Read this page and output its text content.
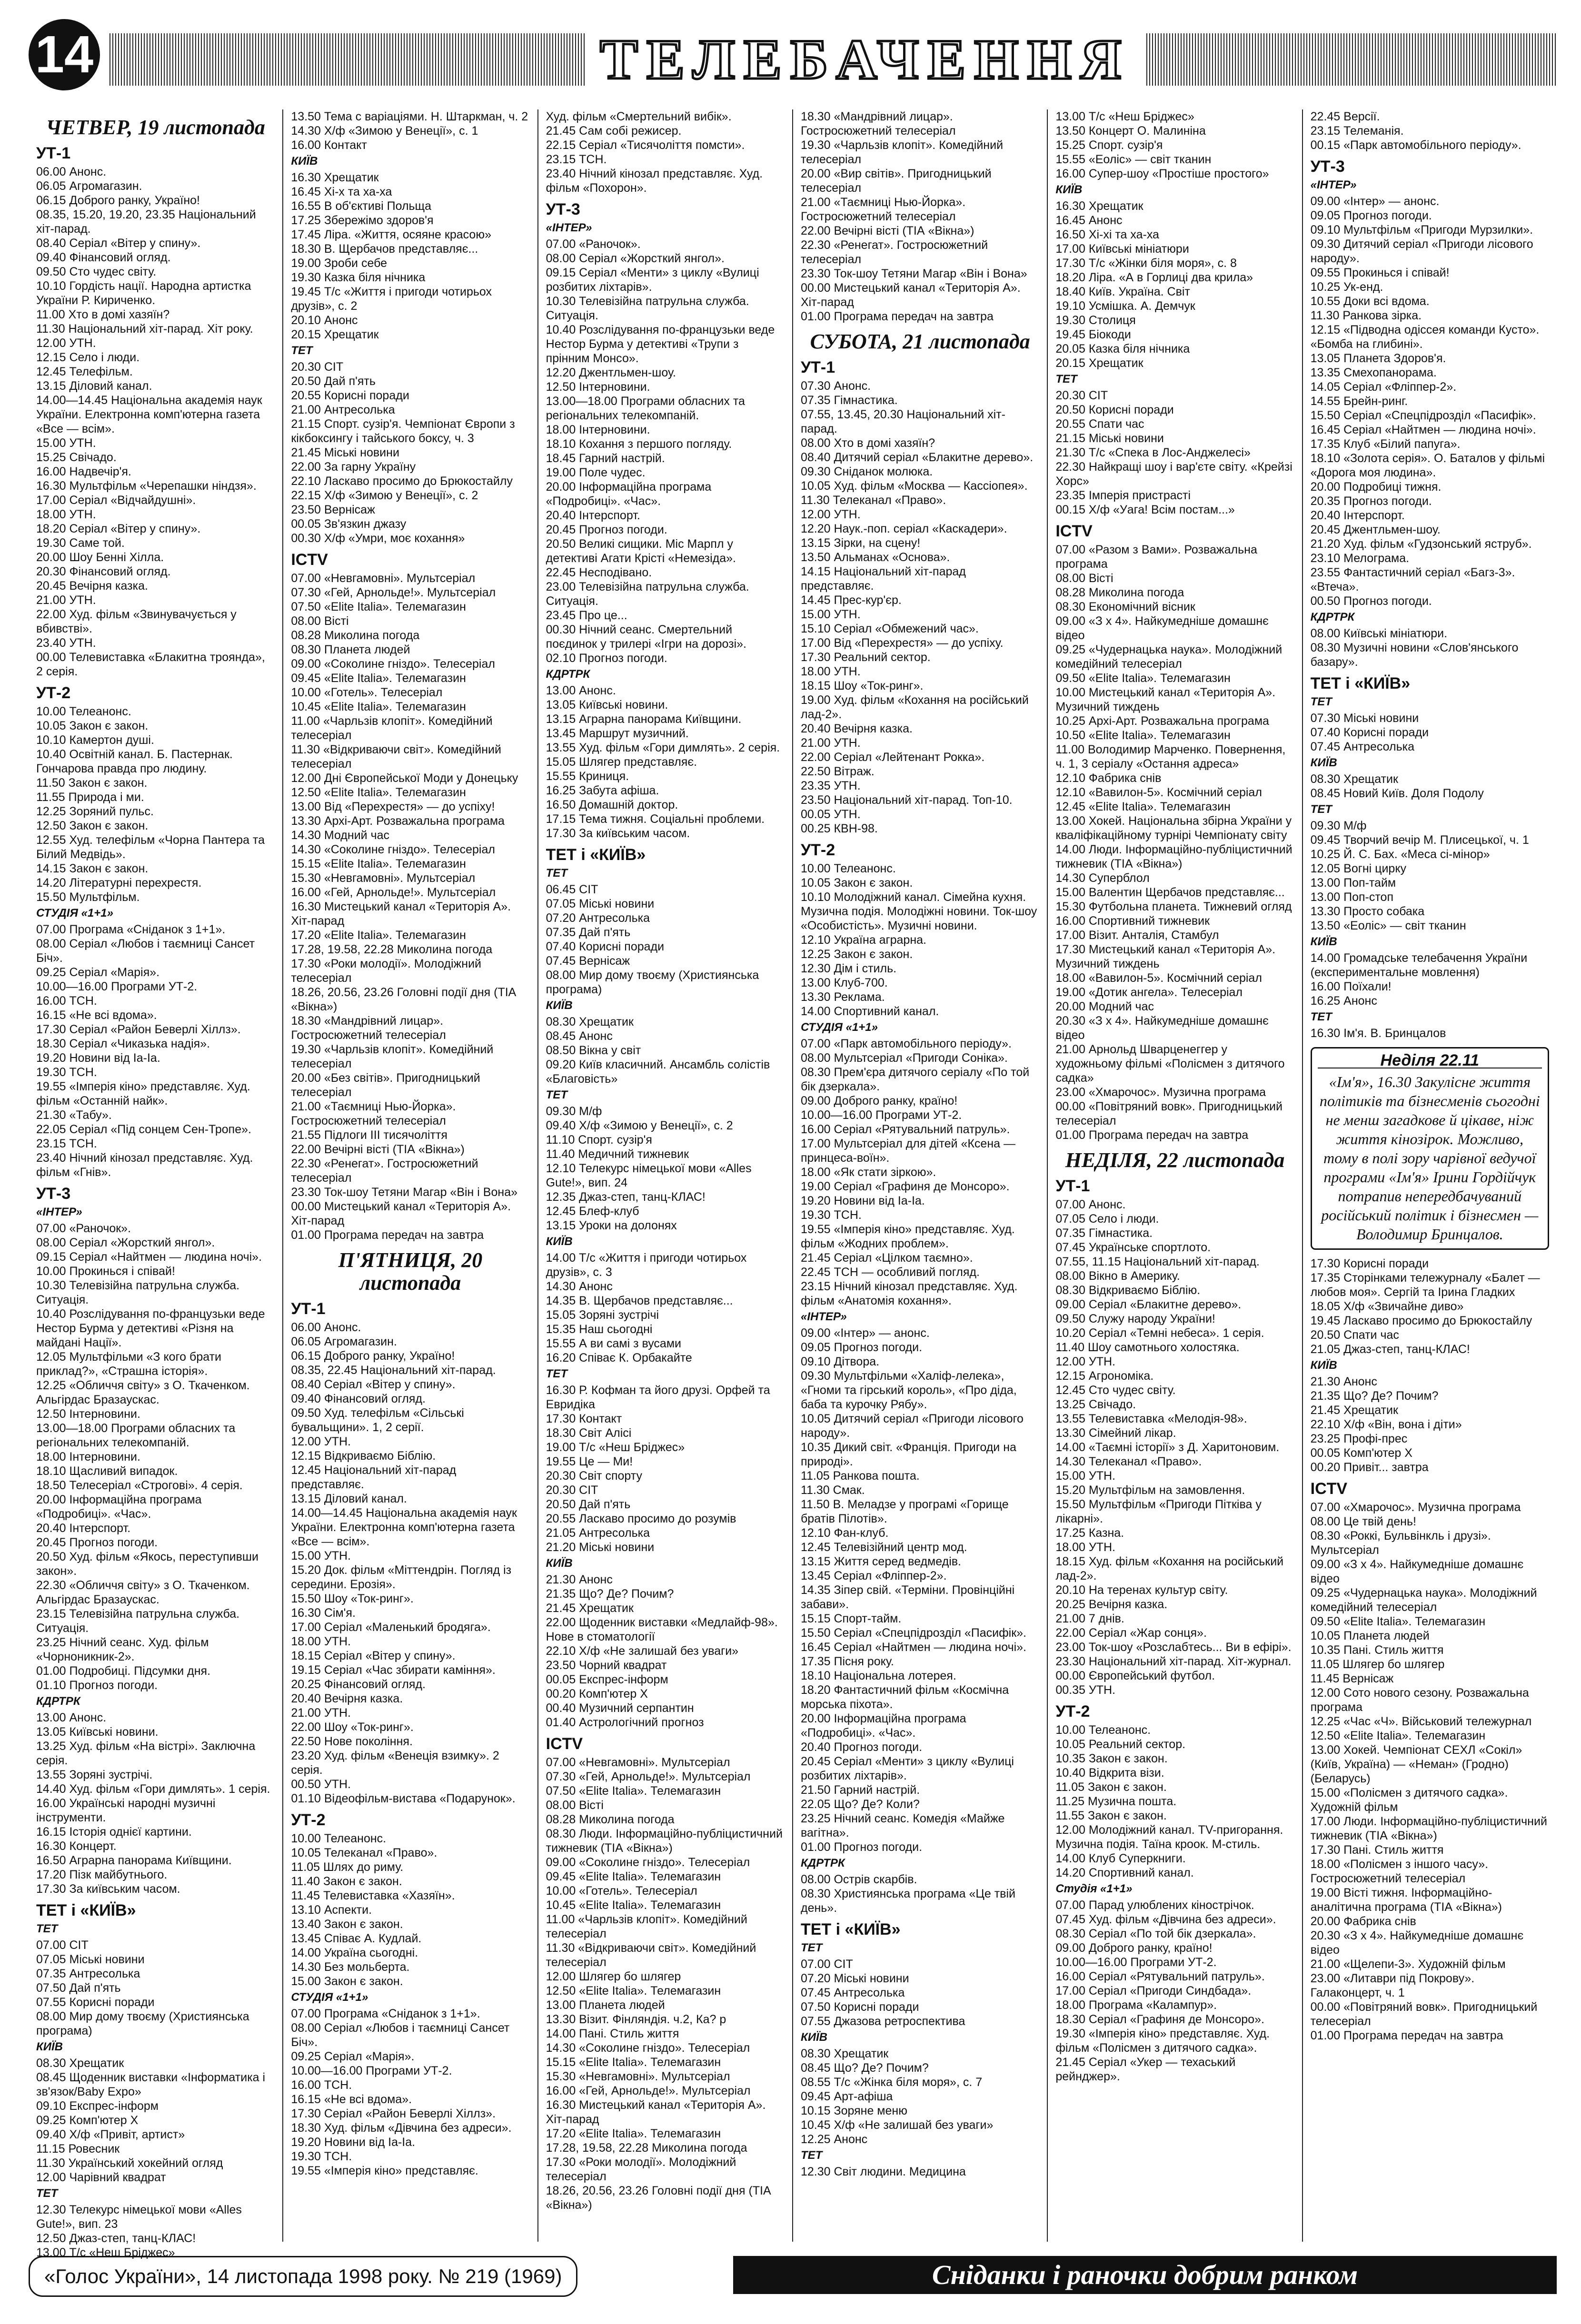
14	ТЕЛЕБАЧЕННЯ
ЧЕТВЕР, 19 листопада
УТ-1
06.00 Анонс.
06.05 Агромагазин.
06.15 Доброго ранку, Україно!
08.35, 15.20, 19.20, 23.35 Національний хіт-парад.
08.40 Серіал «Вітер у спину».
09.40 Фінансовий огляд.
09.50 Сто чудес світу.
10.10 Гордість нації. Народна артистка України Р. Кириченко.
11.00 Хто в домі хазяїн?
11.30 Національний хіт-парад. Хіт року.
12.00 УТН.
12.15 Село і люди.
12.45 Телефільм.
13.15 Діловий канал.
14.00—14.45 Національна академія наук України. Електронна комп'ютерна газета «Все — всім».
15.00 УТН.
15.25 Свічадо.
16.00 Надвечір'я.
16.30 Мультфільм «Черепашки ніндзя».
17.00 Серіал «Відчайдушні».
18.00 УТН.
18.20 Серіал «Вітер у спину».
19.30 Саме той.
20.00 Шоу Бенні Хілла.
20.30 Фінансовий огляд.
20.45 Вечірня казка.
21.00 УТН.
22.00 Худ. фільм «Звинувачується у вбивстві».
23.40 УТН.
00.00 Телевиставка «Блакитна троянда», 2 серія.
УТ-2
10.00 Телеанонс.
10.05 Закон є закон.
10.10 Камертон душі.
10.40 Освітній канал. Б. Пастернак. Гончарова правда про людину.
11.50 Закон є закон.
11.55 Природа і ми.
12.25 Зоряний пульс.
12.50 Закон є закон.
12.55 Худ. телефільм «Чорна Пантера та Білий Медвідь».
14.15 Закон є закон.
14.20 Літературні перехрестя.
15.50 Мультфільм.
СТУДІЯ «1+1»
07.00 Програма «Сніданок з 1+1».
08.00 Серіал «Любов і таємниці Сансет Біч».
09.25 Серіал «Марія».
10.00—16.00 Програми УТ-2.
16.00 ТСН.
16.15 «Не всі вдома».
17.30 Серіал «Район Беверлі Хіллз».
18.30 Серіал «Чиказька надія».
19.20 Новини від Іа-Іа.
19.30 ТСН.
19.55 «Імперія кіно» представляє. Худ. фільм «Останній найк».
21.30 «Табу».
22.05 Серіал «Під сонцем Сен-Тропе».
23.15 ТСН.
23.40 Нічний кінозал представляє. Худ. фільм «Гнів».
УТ-3
«ІНТЕР»
07.00 «Раночок».
08.00 Серіал «Жорсткий янгол».
09.15 Серіал «Найтмен — людина ночі».
10.00 Прокинься і співай!
10.30 Телевізійна патрульна служба. Ситуація.
10.40 Розслідування по-французьки веде Нестор Бурма у детективі «Різня на майдані Нації».
12.05 Мультфільми «З кого брати приклад?», «Страшна історія».
12.25 «Обличчя світу» з О. Ткаченком. Альгірдас Бразаускас.
12.50 Інтерновини.
13.00—18.00 Програми обласних та регіональних телекомпаній.
18.00 Інтерновини.
18.10 Щасливий випадок.
18.50 Телесеріал «Строгові». 4 серія.
20.00 Інформаційна програма «Подробиці». «Час».
20.40 Інтерспорт.
20.45 Прогноз погоди.
20.50 Худ. фільм «Якось, переступивши закон».
22.30 «Обличчя світу» з О. Ткаченком. Альгірдас Бразаускас.
23.15 Телевізійна патрульна служба. Ситуація.
23.25 Нічний сеанс. Худ. фільм «Чорноникник-2».
01.00 Подробиці. Підсумки дня.
01.10 Прогноз погоди.
КДРТРК
13.00 Анонс.
13.05 Київські новини.
13.25 Худ. фільм «На вістрі». Заключна серія.
13.55 Зоряні зустрічі.
14.40 Худ. фільм «Гори димлять». 1 серія.
16.00 Українські народні музичні інструменти.
16.15 Історія однієї картини.
16.30 Концерт.
16.50 Аграрна панорама Київщини.
17.20 Пізк майбутнього.
17.30 За київським часом.
ТЕТ і «КИЇВ»
ТЕТ
07.00 СІТ
07.05 Міські новини
07.35 Антресолька
07.50 Дай п'ять
07.55 Корисні поради
08.00 Мир дому твоєму (Християнська програма)
КИЇВ
08.30 Хрещатик
08.45 Щоденник виставки «Інформатика і зв'язок/Baby Expo»
09.10 Експрес-інформ
09.25 Комп'ютер Х
09.40 Х/ф «Привіт, артист»
11.15 Ровесник
11.30 Український хокейний огляд
12.00 Чарівний квадрат
ТЕТ
12.30 Телекурс німецької мови «Alles Gute!», вип. 23
12.50 Джаз-степ, танц-КЛАС!
13.00 Т/с «Неш Бріджес»
13.50 Тема с варіаціями. Н. Штаркман, ч. 2
14.30 Х/ф «Зимою у Венеції», с. 1
16.00 Контакт
КИЇВ
16.30 Хрещатик
16.45 Хі-х та ха-ха
16.55 В об'єктиві Польща
17.25 Збережімо здоров'я
17.45 Ліра. «Життя, осяяне красою»
18.30 В. Щербачов представляє...
19.00 Зроби себе
19.30 Казка біля нічника
19.45 Т/с «Життя і пригоди чотирьох друзів», с. 2
20.10 Анонс
20.15 Хрещатик
ТЕТ
20.30 СІТ
20.50 Дай п'ять
20.55 Корисні поради
21.00 Антресолька
21.15 Спорт. сузір'я. Чемпіонат Європи з кікбоксингу і тайського боксу, ч. 3
21.45 Міські новини
22.00 За гарну Україну
22.10 Ласкаво просимо до Брюкостайлу
22.15 Х/ф «Зимою у Венеції», с. 2
23.50 Вернісаж
00.05 Зв'язкин джазу
00.30 Х/ф «Умри, моє кохання»
ICTV
07.00 «Невгамовні». Мультсеріал
07.30 «Гей, Арнольде!». Мультсеріал
07.50 «Elite Italia». Телемагазин
08.00 Вісті
08.28 Миколина погода
08.30 Планета людей
09.00 «Соколине гніздо». Телесеріал
09.45 «Elite Italia». Телемагазин
10.00 «Готель». Телесеріал
10.45 «Elite Italia». Телемагазин
11.00 «Чарльзів клопіт». Комедійний телесеріал
11.30 «Відкриваючи світ». Комедійний телесеріал
12.00 Дні Європейської Моди у Донецьку
12.50 «Elite Italia». Телемагазин
13.00 Від «Перехрестя» — до успіху!
13.30 Архі-Арт. Розважальна програма
14.30 Модний час
14.30 «Соколине гніздо». Телесеріал
15.15 «Elite Italia». Телемагазин
15.30 «Невгамовні». Мультсеріал
16.00 «Гей, Арнольде!». Мультсеріал
16.30 Мистецький канал «Територія А». Хіт-парад
17.20 «Elite Italia». Телемагазин
17.28, 19.58, 22.28 Миколина погода
17.30 «Роки молодії». Молодіжний телесеріал
18.26, 20.56, 23.26 Головні події дня (ТІА «Вікна»)
18.30 «Мандрівний лицар». Гостросюжетний телесеріал
19.30 «Чарльзів клопіт». Комедійний телесеріал
20.00 «Без світів». Пригодницький телесеріал
21.00 «Таємниці Нью-Йорка». Гостросюжетний телесеріал
21.55 Підлоги ІІІ тисячоліття
22.00 Вечірні вісті (ТІА «Вікна»)
22.30 «Ренегат». Гостросюжетний телесеріал
23.30 Ток-шоу Тетяни Магар «Він і Вона»
00.00 Мистецький канал «Територія А». Хіт-парад
01.00 Програма передач на завтра
П'ЯТНИЦЯ, 20 листопада
УТ-1
06.00 Анонс.
06.05 Агромагазин.
06.15 Доброго ранку, Україно!
08.35, 22.45 Національний хіт-парад.
08.40 Серіал «Вітер у спину».
09.40 Фінансовий огляд.
09.50 Худ. телефільм «Сільські бувальщини». 1, 2 серії.
12.00 УТН.
12.15 Відкриваємо Біблію.
12.45 Національний хіт-парад представляє.
13.15 Діловий канал.
14.00—14.45 Національна академія наук України. Електронна комп'ютерна газета «Все — всім».
15.00 УТН.
15.20 Док. фільм «Міттендрін. Погляд із середини. Ерозія».
15.50 Шоу «Ток-ринг».
16.30 Сім'я.
17.00 Серіал «Маленький бродяга».
18.00 УТН.
18.15 Серіал «Вітер у спину».
19.15 Серіал «Час збирати каміння».
20.25 Фінансовий огляд.
20.40 Вечірня казка.
21.00 УТН.
22.00 Шоу «Ток-ринг».
22.50 Нове покоління.
23.20 Худ. фільм «Венеція взимку». 2 серія.
00.50 УТН.
01.10 Відеофільм-вистава «Подарунок».
УТ-2
10.00 Телеанонс.
10.05 Телеканал «Право».
11.05 Шлях до риму.
11.40 Закон є закон.
11.45 Телевиставка «Хазяїн».
13.10 Аспекти.
13.40 Закон є закон.
13.45 Співає А. Кудлай.
14.00 Україна сьогодні.
14.30 Без мольберта.
15.00 Закон є закон.
СТУДІЯ «1+1»
07.00 Програма «Сніданок з 1+1».
08.00 Серіал «Любов і таємниці Сансет Біч».
09.25 Серіал «Марія».
10.00—16.00 Програми УТ-2.
16.00 ТСН.
16.15 «Не всі вдома».
17.30 Серіал «Район Беверлі Хіллз».
18.30 Худ. фільм «Дівчина без адреси».
19.20 Новини від Іа-Іа.
19.30 ТСН.
19.55 «Імперія кіно» представляє.
Худ. фільм «Смертельний вибік».
21.45 Сам собі режисер.
22.15 Серіал «Тисячоліття помсти».
23.15 ТСН.
23.40 Нічний кінозал представляє. Худ. фільм «Похорон».
УТ-3
«ІНТЕР»
07.00 «Раночок».
08.00 Серіал «Жорсткий янгол».
09.15 Серіал «Менти» з циклу «Вулиці розбитих ліхтарів».
10.30 Телевізійна патрульна служба. Ситуація.
10.40 Розслідування по-французьки веде Нестор Бурма у детективі «Трупи з прінним Монсо».
12.20 Джентльмен-шоу.
12.50 Інтерновини.
13.00—18.00 Програми обласних та регіональних телекомпаній.
18.00 Інтерновини.
18.10 Кохання з першого погляду.
18.45 Гарний настрій.
19.00 Поле чудес.
20.00 Інформаційна програма «Подробиці». «Час».
20.40 Інтерспорт.
20.45 Прогноз погоди.
20.50 Великі сищики. Міс Марпл у детективі Агати Крісті «Немезіда».
22.45 Несподівано.
23.00 Телевізійна патрульна служба. Ситуація.
23.45 Про це...
00.30 Нічний сеанс. Смертельний поєдинок у трилері «Ігри на дорозі».
02.10 Прогноз погоди.
КДРТРК
13.00 Анонс.
13.05 Київські новини.
13.15 Аграрна панорама Київщини.
13.45 Маршрут музичний.
13.55 Худ. фільм «Гори димлять». 2 серія.
15.05 Шлягер представляє.
15.55 Криниця.
16.25 Забута афіша.
16.50 Домашній доктор.
17.15 Тема тижня. Соціальні проблеми.
17.30 За київським часом.
ТЕТ і «КИЇВ»
ТЕТ
06.45 СІТ
07.05 Міські новини
07.20 Антресолька
07.35 Дай п'ять
07.40 Корисні поради
07.45 Вернісаж
08.00 Мир дому твоєму (Християнська програма)
КИЇВ
08.30 Хрещатик
08.45 Анонс
08.50 Вікна у світ
09.20 Київ класичний. Ансамбль солістів «Благовість»
ТЕТ
09.30 М/ф
09.40 Х/ф «Зимою у Венеції», с. 2
11.10 Спорт. сузір'я
11.40 Медичний тижневик
12.10 Телекурс німецької мови «Alles Gute!», вип. 24
12.35 Джаз-степ, танц-КЛАС!
12.45 Блеф-клуб
13.15 Уроки на долонях
КИЇВ
14.00 Т/с «Життя і пригоди чотирьох друзів», с. 3
14.30 Анонс
14.35 В. Щербачов представляє...
15.05 Зоряні зустрічі
15.35 Наш сьогодні
15.55 А ви самі з вусами
16.20 Співає К. Орбакайте
ТЕТ
16.30 Р. Кофман та його друзі. Орфей та Евридіка
17.30 Контакт
18.30 Світ Алісі
19.00 Т/с «Неш Бріджес»
19.55 Це — Ми!
20.30 Світ спорту
20.30 СІТ
20.50 Дай п'ять
20.55 Ласкаво просимо до розумів
21.05 Антресолька
21.20 Міські новини
КИЇВ
21.30 Анонс
21.35 Що? Де? Почим?
21.45 Хрещатик
22.00 Щоденник виставки «Медлайф-98». Нове в стоматології
22.10 Х/ф «Не залишай без уваги»
23.50 Чорний квадрат
00.05 Експрес-інформ
00.20 Комп'ютер Х
00.40 Музичний серпантин
01.40 Астрологічний прогноз
ICTV
07.00 «Невгамовні». Мультсеріал
07.30 «Гей, Арнольде!». Мультсеріал
07.50 «Elite Italia». Телемагазин
08.00 Вісті
08.28 Миколина погода
08.30 Люди. Інформаційно-публіцистичний тижневик (ТІА «Вікна»)
09.00 «Соколине гніздо». Телесеріал
09.45 «Elite Italia». Телемагазин
10.00 «Готель». Телесеріал
10.45 «Elite Italia». Телемагазин
11.00 «Чарльзів клопіт». Комедійний телесеріал
11.30 «Відкриваючи світ». Комедійний телесеріал
12.00 Шлягер бо шлягер
12.50 «Elite Italia». Телемагазин
13.00 Планета людей
13.30 Візит. Фінляндія. ч.2, Ка? р
14.00 Пані. Стиль життя
14.30 «Соколине гніздо». Телесеріал
15.15 «Elite Italia». Телемагазин
15.30 «Невгамовні». Мультсеріал
16.00 «Гей, Арнольде!». Мультсеріал
16.30 Мистецький канал «Територія А». Хіт-парад
17.20 «Elite Italia». Телемагазин
17.28, 19.58, 22.28 Миколина погода
17.30 «Роки молодії». Молодіжний телесеріал
18.26, 20.56, 23.26 Головні події дня (ТІА «Вікна»)
18.30 «Мандрівний лицар». Гостросюжетний телесеріал
19.30 «Чарльзів клопіт». Комедійний телесеріал
20.00 «Вир світів». Пригодницький телесеріал
21.00 «Таємниці Нью-Йорка». Гостросюжетний телесеріал
22.00 Вечірні вісті (ТІА «Вікна»)
22.30 «Ренегат». Гостросюжетний телесеріал
23.30 Ток-шоу Тетяни Магар «Він і Вона»
00.00 Мистецький канал «Територія А». Хіт-парад
01.00 Програма передач на завтра
СУБОТА, 21 листопада
УТ-1
07.30 Анонс.
07.35 Гімнастика.
07.55, 13.45, 20.30 Національний хіт-парад.
08.00 Хто в домі хазяїн?
08.40 Дитячий серіал «Блакитне дерево».
09.30 Сніданок молюка.
10.05 Худ. фільм «Москва — Кассіопея».
11.30 Телеканал «Право».
12.00 УТН.
12.20 Наук.-поп. серіал «Каскадери».
13.15 Зірки, на сцену!
13.50 Альманах «Основа».
14.15 Національний хіт-парад представляє.
14.45 Прес-кур'єр.
15.00 УТН.
15.10 Серіал «Обмежений час».
17.00 Від «Перехрестя» — до успіху.
17.30 Реальний сектор.
18.00 УТН.
18.15 Шоу «Ток-ринг».
19.00 Худ. фільм «Кохання на російський лад-2».
20.40 Вечірня казка.
21.00 УТН.
22.00 Серіал «Лейтенант Рокка».
22.50 Вітраж.
23.35 УТН.
23.50 Національний хіт-парад. Топ-10.
00.05 УТН.
00.25 КВН-98.
УТ-2
10.00 Телеанонс.
10.05 Закон є закон.
10.10 Молодіжний канал. Сімейна кухня. Музична подія. Молодіжні новини. Ток-шоу «Особистість». Музичні новини.
12.10 Україна аграрна.
12.25 Закон є закон.
12.30 Дім і стиль.
13.00 Клуб-700.
13.30 Реклама.
14.00 Спортивний канал.
СТУДІЯ «1+1»
07.00 «Парк автомобільного періоду».
08.00 Мультсеріал «Пригоди Сонікa».
08.30 Прем'єра дитячого серіалу «По той бік дзеркала».
09.00 Доброго ранку, країно!
10.00—16.00 Програми УТ-2.
16.00 Серіал «Рятувальний патруль».
17.00 Мультсеріал для дітей «Ксена — принцеса-воїн».
18.00 «Як стати зіркою».
19.00 Серіал «Графиня де Монсоро».
19.20 Новини від Іа-Іа.
19.30 ТСН.
19.55 «Імперія кіно» представляє. Худ. фільм «Жодних проблем».
21.45 Серіал «Цілком таємно».
22.45 ТСН — особливий погляд.
23.15 Нічний кінозал представляє. Худ. фільм «Анатомія кохання».
«ІНТЕР»
09.00 «Інтер» — анонс.
09.05 Прогноз погоди.
09.10 Дітвора.
09.30 Мультфільми «Халіф-лелека», «Гноми та гірський король», «Про діда, баба та курочку Рябу».
10.05 Дитячий серіал «Пригоди лісового народу».
10.35 Дикий світ. «Франція. Пригоди на природі».
11.05 Ранкова пошта.
11.30 Смак.
11.50 В. Меладзе у програмі «Горище братів Пілотів».
12.10 Фан-клуб.
12.45 Телевізійний центр мод.
13.15 Життя серед ведмедів.
13.45 Серіал «Фліппер-2».
14.35 Зіпер свій. «Терміни. Провінційні забави».
15.15 Спорт-тайм.
15.50 Серіал «Спецпідрозділ «Пасифік».
16.45 Серіал «Найтмен — людина ночі».
17.35 Пісня року.
18.10 Національна лотерея.
18.20 Фантастичний фільм «Космічна морська піхота».
20.00 Інформаційна програма «Подробиці». «Час».
20.40 Прогноз погоди.
20.45 Серіал «Менти» з циклу «Вулиці розбитих ліхтарів».
21.50 Гарний настрій.
22.05 Що? Де? Коли?
23.25 Нічний сеанс. Комедія «Майже вагітна».
01.00 Прогноз погоди.
КДРТРК
08.00 Острів скарбів.
08.30 Християнська програма «Це твій день».
ТЕТ і «КИЇВ»
ТЕТ
07.00 СІТ
07.20 Міські новини
07.45 Антресолька
07.50 Корисні поради
07.55 Джазова ретроспектива
КИЇВ
08.30 Хрещатик
08.45 Що? Де? Почим?
08.55 Т/с «Жінка біля моря», с. 7
09.45 Арт-афіша
10.15 Зоряне меню
10.45 Х/ф «Не залишай без уваги»
12.25 Анонс
ТЕТ
12.30 Світ людини. Медицина
13.00 Т/с «Неш Бріджес»
13.50 Концерт О. Малиніна
15.25 Спорт. сузір'я
15.55 «Еоліс» — світ тканин
16.00 Супер-шоу «Простіше простого»
КИЇВ
16.30 Хрещатик
16.45 Анонс
16.50 Хі-хі та ха-ха
17.00 Київські мініатюри
17.30 Т/с «Жінки біля моря», с. 8
18.20 Ліра. «А в Горлиці два крила»
18.40 Київ. Україна. Світ
19.10 Усмішка. А. Демчук
19.30 Столиця
19.45 Біокоди
20.05 Казка біля нічника
20.15 Хрещатик
ТЕТ
20.30 СІТ
20.50 Корисні поради
20.55 Спати час
21.15 Міські новини
21.30 Т/с «Спека в Лос-Анджелесі»
22.30 Найкращі шоу і вар'єте світу. «Крейзі Хорс»
23.35 Імперія пристрасті
00.15 Х/ф «Уага! Всім постам...»
ICTV
07.00 «Разом з Вами». Розважальна програма
08.00 Вісті
08.28 Миколина погода
08.30 Економічний вісник
09.00 «З х 4». Найкумедніше домашнє відео
09.25 «Чудернацька наука». Молодіжний комедійний телесеріал
09.50 «Elite Italia». Телемагазин
10.00 Мистецький канал «Територія А». Музичний тиждень
10.25 Архі-Арт. Розважальна програма
10.50 «Elite Italia». Телемагазин
11.00 Володимир Марченко. Повернення, ч. 1, 3 серіалу «Остання адреса»
12.10 Фабрика снів
12.10 «Вавилон-5». Космічний серіал
12.45 «Elite Italia». Телемагазин
13.00 Хокей. Національна збірна України у кваліфікаційному турнірі Чемпіонату світу
14.00 Люди. Інформаційно-публіцистичний тижневик (ТІА «Вікна»)
14.30 Суперблол
15.00 Валентин Щербачов представляє...
15.30 Футбольна планета. Тижневий огляд
16.00 Спортивний тижневик
17.00 Візит. Анталія, Стамбул
17.30 Мистецький канал «Територія А». Музичний тиждень
18.00 «Вавилон-5». Космічний серіал
19.00 «Дотик ангела». Телесеріал
20.00 Модний час
20.30 «З х 4». Найкумедніше домашнє відео
21.00 Арнольд Шварценеггер у художньому фільмі «Полісмен з дитячого садка»
23.00 «Хмарочос». Музична програма
00.00 «Повітряний вовк». Пригодницький телесеріал
01.00 Програма передач на завтра
НЕДІЛЯ, 22 листопада
УТ-1
07.00 Анонс.
07.05 Село і люди.
07.35 Гімнастика.
07.45 Українське спортлото.
07.55, 11.15 Національний хіт-парад.
08.00 Вікно в Америку.
08.30 Відкриваємо Біблію.
09.00 Серіал «Блакитне дерево».
09.50 Служу народу України!
10.20 Серіал «Темні небеса». 1 серія.
11.40 Шоу самотнього холостяка.
12.00 УТН.
12.15 Агрономіка.
12.45 Сто чудес світу.
13.25 Свічадо.
13.55 Телевиставка «Мелодія-98».
13.30 Сімейний лікар.
14.00 «Таємні історії» з Д. Харитоновим.
14.30 Телеканал «Право».
15.00 УТН.
15.20 Мультфільм на замовлення.
15.50 Мультфільм «Пригоди Пітківа у лікарні».
17.25 Казна.
18.00 УТН.
18.15 Худ. фільм «Кохання на російський лад-2».
20.10 На теренах культур світу.
20.25 Вечірня казка.
21.00 7 днів.
22.00 Серіал «Жар сонця».
23.00 Ток-шоу «Розслабтесь... Ви в ефірі».
23.30 Національний хіт-парад. Хіт-журнал.
00.00 Європейський футбол.
00.35 УТН.
УТ-2
10.00 Телеанонс.
10.05 Реальний сектор.
10.35 Закон є закон.
10.40 Відкрита візи.
11.05 Закон є закон.
11.25 Музична пошта.
11.55 Закон є закон.
12.00 Молодіжний канал. TV-пригорання. Музична подія. Таїна кроок. М-стиль.
14.00 Клуб Суперкниги.
14.20 Спортивний канал.
Студія «1+1»
07.00 Парад улюблених кінострічок.
07.45 Худ. фільм «Дівчина без адреси».
08.30 Серіал «По той бік дзеркала».
09.00 Доброго ранку, країно!
10.00—16.00 Програми УТ-2.
16.00 Серіал «Рятувальний патруль».
17.00 Серіал «Пригоди Синдбада».
18.00 Програма «Калампур».
18.30 Серіал «Графиня де Монсоро».
19.30 «Імперія кіно» представляє. Худ. фільм «Полісмен з дитячого садка».
21.45 Серіал «Укер — техаський рейнджер».
22.45 Версії.
23.15 Телеманія.
00.15 «Парк автомобільного періоду».
УТ-3
«ІНТЕР»
09.00 «Інтер» — анонс.
09.05 Прогноз погоди.
09.10 Мультфільм «Пригоди Мурзилки».
09.30 Дитячий серіал «Пригоди лісового народу».
09.55 Прокинься і співай!
10.25 Ук-енд.
10.55 Доки всі вдома.
11.30 Ранкова зірка.
12.15 «Підводна одіссея команди Кусто». «Бомба на глибині».
13.05 Планета Здоров'я.
13.35 Смехопанорама.
14.05 Серіал «Фліппер-2».
14.55 Брейн-ринг.
15.50 Серіал «Спецпідрозділ «Пасифік».
16.45 Серіал «Найтмен — людина ночі».
17.35 Клуб «Білий папуга».
18.10 «Золота серія». О. Баталов у фільмі «Дорога моя людина».
20.00 Подробиці тижня.
20.35 Прогноз погоди.
20.40 Інтерспорт.
20.45 Джентльмен-шоу.
21.20 Худ. фільм «Гудзонський яструб».
23.10 Мелограма.
23.55 Фантастичний серіал «Багз-3». «Втеча».
00.50 Прогноз погоди.
КДРТРК
08.00 Київські мініатюри.
08.30 Музичні новини «Слов'янського базару».
ТЕТ і «КИЇВ»
ТЕТ
07.30 Міські новини
07.40 Корисні поради
07.45 Антресолька
КИЇВ
08.30 Хрещатик
08.45 Новий Київ. Доля Подолу
ТЕТ
09.30 М/ф
09.45 Творчий вечір М. Плисецької, ч. 1
10.25 Й. С. Бах. «Меса сі-мінор»
12.05 Вогні цирку
13.00 Поп-тайм
13.00 Поп-стоп
13.30 Просто собака
13.50 «Еоліс» — світ тканин
КИЇВ
14.00 Громадське телебачення України (експериментальне мовлення)
16.00 Поїхали!
16.25 Анонс
ТЕТ
16.30 Ім'я. В. Бринцалов
Неділя 22.11
«Ім'я», 16.30 Закулісне життя політиків та бізнесменів сьогодні не менш загадкове й цікаве, ніж життя кінозірок. Можливо, тому в полі зору чарівної ведучої програми «Ім'я» Ірини Гордійчук потрапив непередбачуваний російський політик і бізнесмен — Володимир Бринцалов.
17.30 Корисні поради
17.35 Сторінками тележурналу «Балет — любов моя». Сергій та Ірина Гладких
18.05 Х/ф «Звичайне диво»
19.45 Ласкаво просимо до Брюкостайлу
20.50 Спати час
21.05 Джаз-степ, танц-КЛАС!
КИЇВ
21.30 Анонс
21.35 Що? Де? Почим?
21.45 Хрещатик
22.10 Х/ф «Він, вона і діти»
23.25 Профі-прес
00.05 Комп'ютер Х
00.20 Привіт... завтра
ICTV
07.00 «Хмарочос». Музична програма
08.00 Це твій день!
08.30 «Роккі, Бульвінкль і друзі». Мультсеріал
09.00 «З х 4». Найкумедніше домашнє відео
09.25 «Чудернацька наука». Молодіжний комедійний телесеріал
09.50 «Elite Italia». Телемагазин
10.05 Планета людей
10.35 Пані. Стиль життя
11.05 Шлягер бо шлягер
11.45 Вернісаж
12.00 Сото нового сезону. Розважальна програма
12.25 «Час «Ч». Військовий тележурнал
12.50 «Elite Italia». Телемагазин
13.00 Хокей. Чемпіонат СЕХЛ «Сокіл» (Київ, Україна) — «Неман» (Гродно) (Беларусь)
15.00 «Полісмен з дитячого садка». Художній фільм
17.00 Люди. Інформаційно-публіцистичний тижневик (ТІА «Вікна»)
17.30 Пані. Стиль життя
18.00 «Полісмен з іншого часу». Гостросюжетний телесеріал
19.00 Вісті тижня. Інформаційно-аналітична програма (ТІА «Вікна»)
20.00 Фабрика снів
20.30 «З х 4». Найкумедніше домашнє відео
21.00 «Щелепи-3». Художній фільм
23.00 «Литаври під Покрову». Галаконцерт, ч. 1
00.00 «Повітряний вовк». Пригодницький телесеріал
01.00 Програма передач на завтра
«Голос України», 14 листопада 1998 року. № 219 (1969)	Сніданки і раночки добрим ранком
